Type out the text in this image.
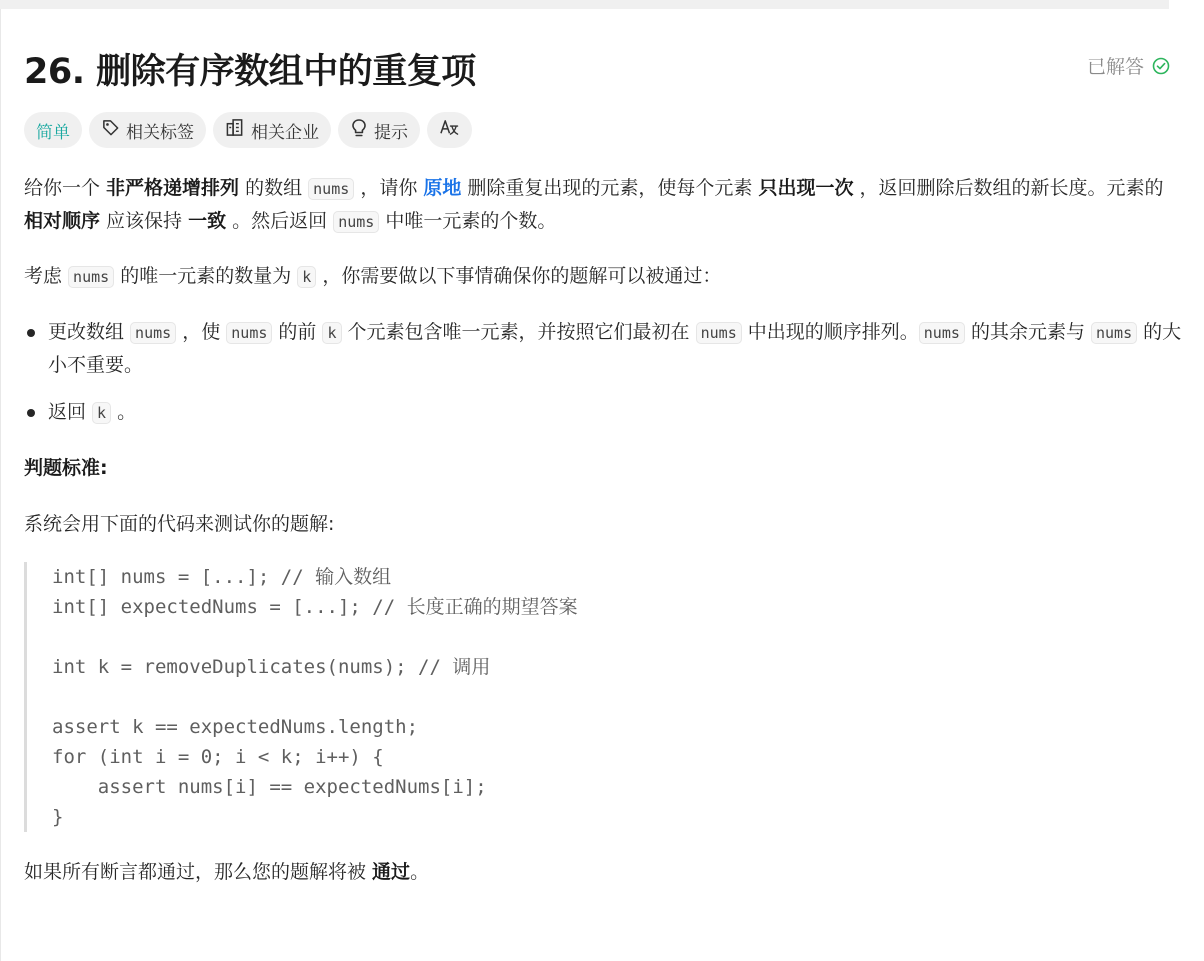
26. 删除有序数组中的重复项	已解答
简单	相关标签	相关企业	提示

给你一个 非严格递增排列 的数组 nums ，请你 原地 删除重复出现的元素，使每个元素 只出现一次 ，返回删除后数组的新长度。元素的 相对顺序 应该保持 一致 。然后返回 nums 中唯一元素的个数。

考虑 nums 的唯一元素的数量为 k ，你需要做以下事情确保你的题解可以被通过：

更改数组 nums ，使 nums 的前 k 个元素包含唯一元素，并按照它们最初在 nums 中出现的顺序排列。 nums 的其余元素与 nums 的大小不重要。
返回 k 。
判题标准:
系统会用下面的代码来测试你的题解:
int[] nums = [...]; // 输入数组
int[] expectedNums = [...]; // 长度正确的期望答案
int k = removeDuplicates(nums); // 调用
assert k == expectedNums.length;
for (int i = 0; i < k; i++) {
assert nums[i] == expectedNums[i];
}

如果所有断言都通过，那么您的题解将被 通过。
